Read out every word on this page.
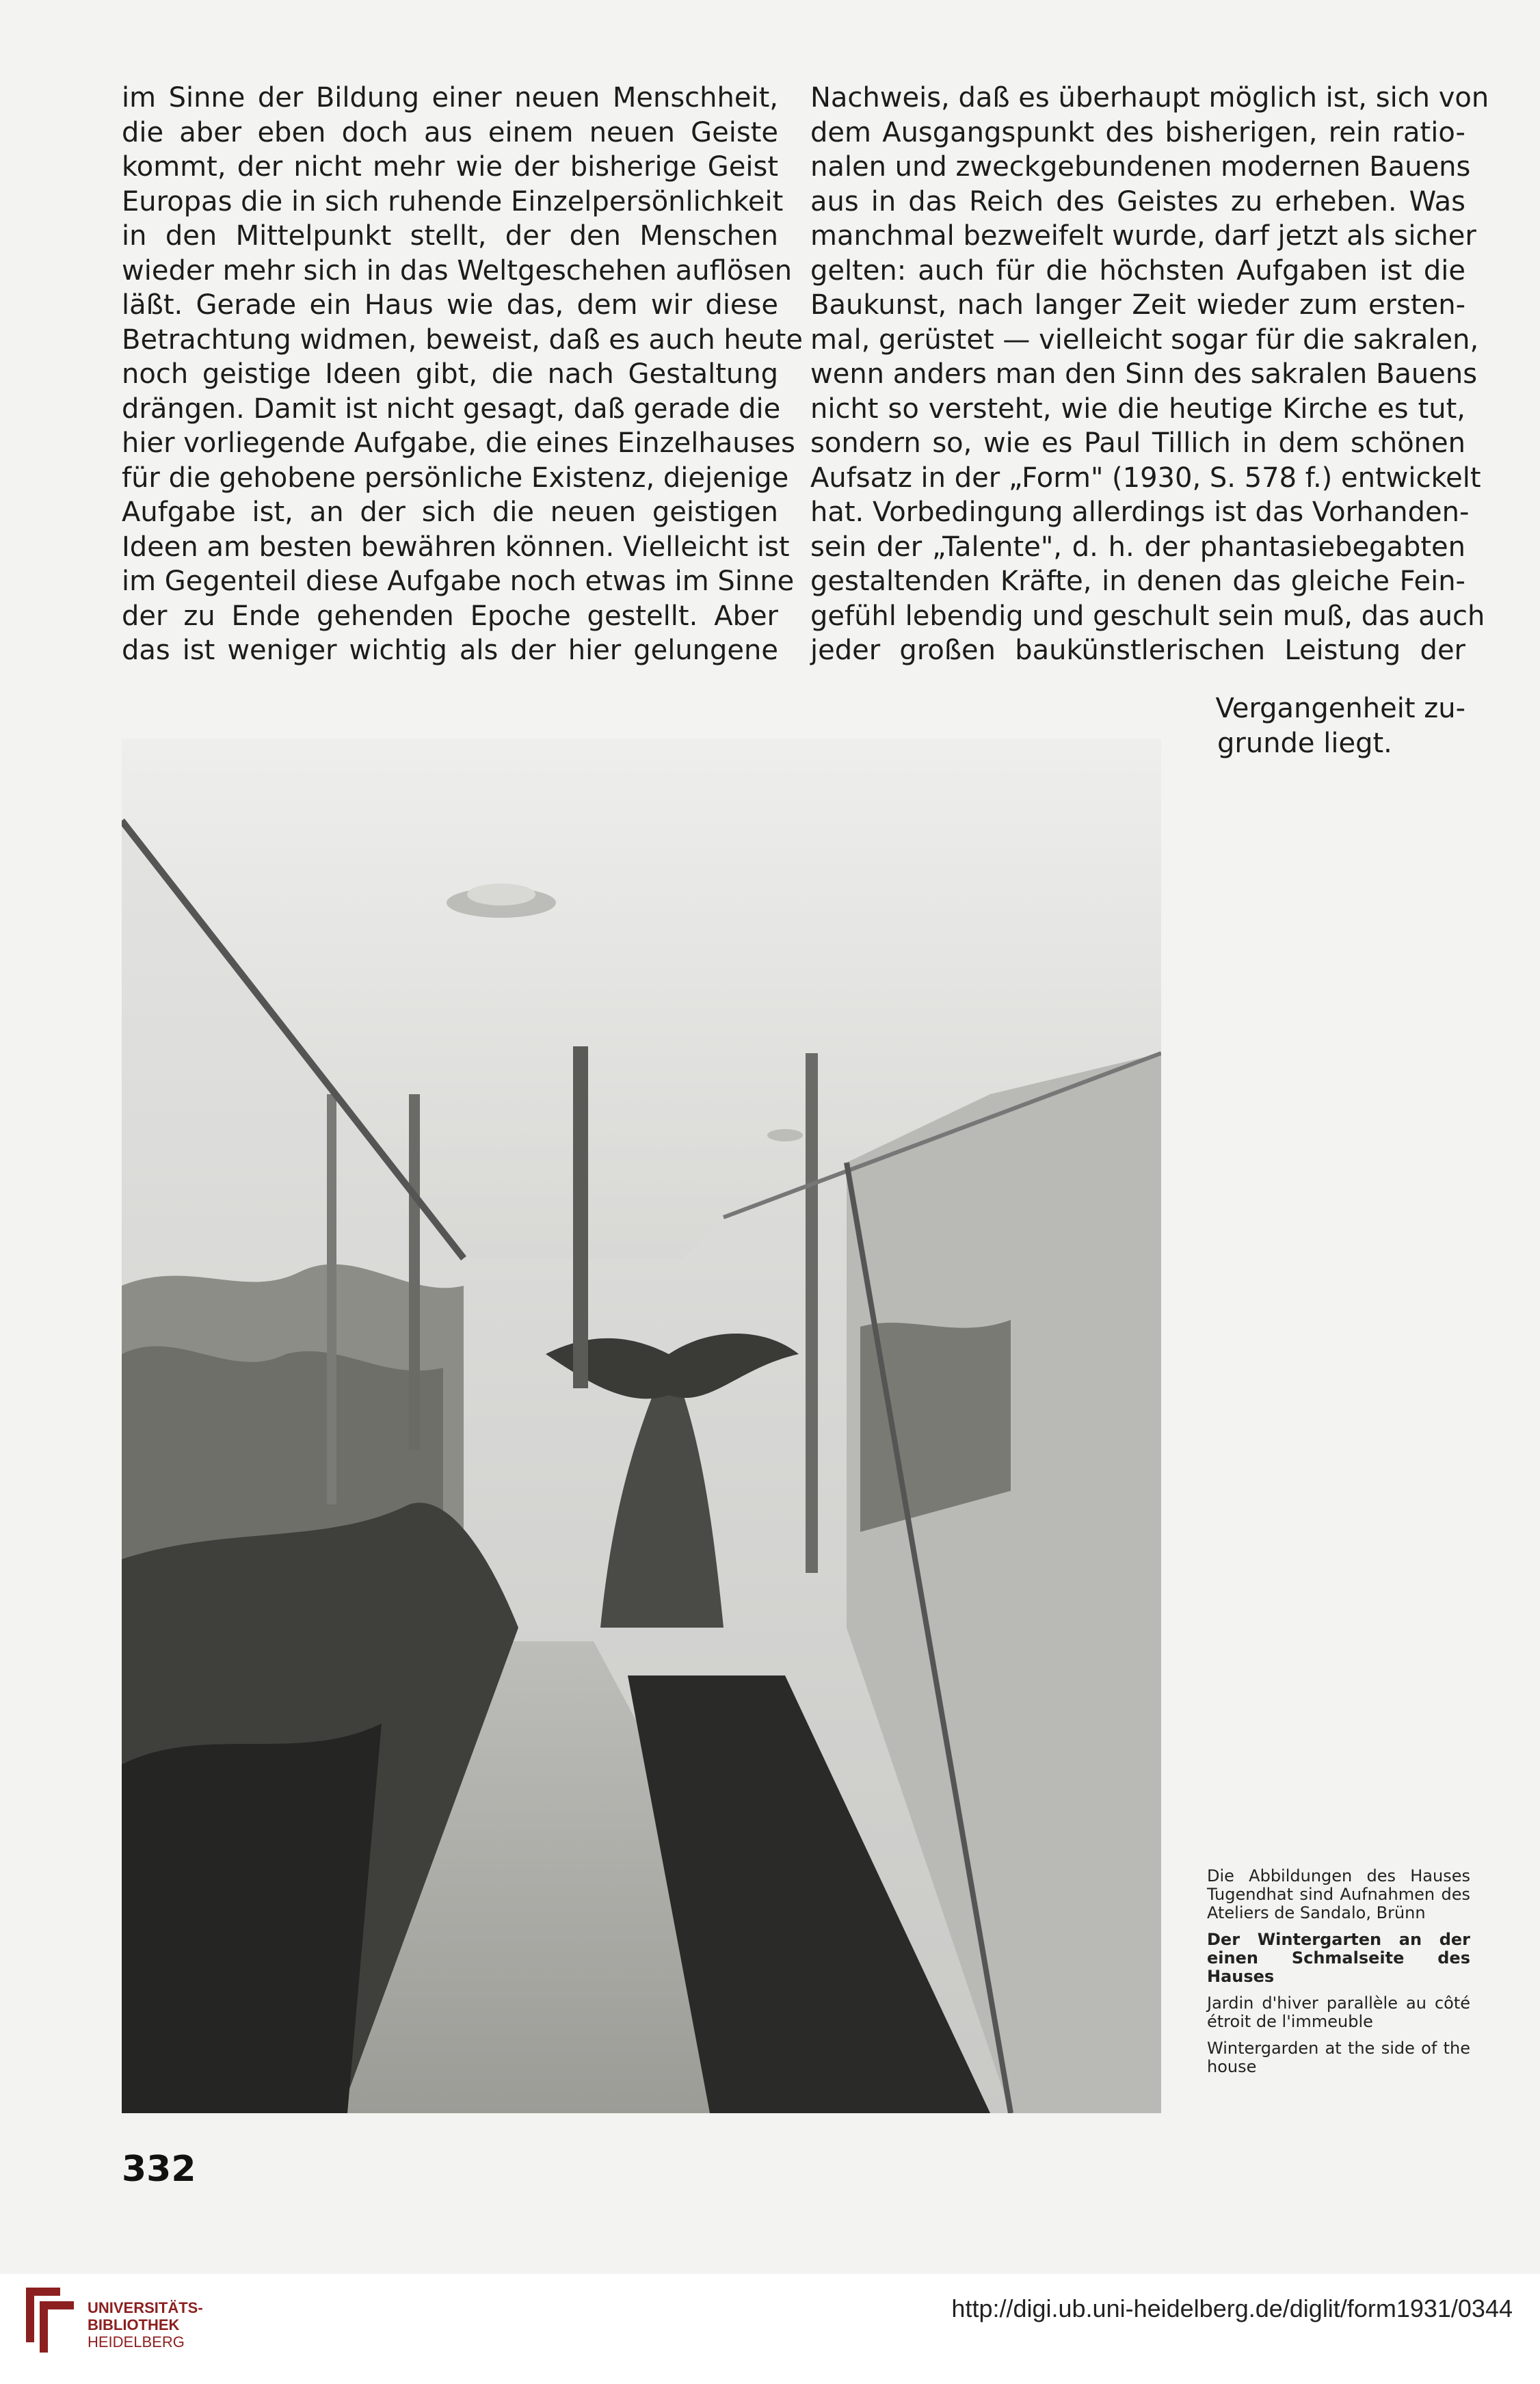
im Sinne der Bildung einer neuen Menschheit,
die aber eben doch aus einem neuen Geiste
kommt, der nicht mehr wie der bisherige Geist
Europas die in sich ruhende Einzelpersönlichkeit
in den Mittelpunkt stellt, der den Menschen
wieder mehr sich in das Weltgeschehen auflösen
läßt. Gerade ein Haus wie das, dem wir diese
Betrachtung widmen, beweist, daß es auch heute
noch geistige Ideen gibt, die nach Gestaltung
drängen. Damit ist nicht gesagt, daß gerade die
hier vorliegende Aufgabe, die eines Einzelhauses
für die gehobene persönliche Existenz, diejenige
Aufgabe ist, an der sich die neuen geistigen
Ideen am besten bewähren können. Vielleicht ist
im Gegenteil diese Aufgabe noch etwas im Sinne
der zu Ende gehenden Epoche gestellt. Aber
das ist weniger wichtig als der hier gelungene
Nachweis, daß es überhaupt möglich ist, sich von
dem Ausgangspunkt des bisherigen, rein ratio-
nalen und zweckgebundenen modernen Bauens
aus in das Reich des Geistes zu erheben. Was
manchmal bezweifelt wurde, darf jetzt als sicher
gelten: auch für die höchsten Aufgaben ist die
Baukunst, nach langer Zeit wieder zum ersten-
mal, gerüstet — vielleicht sogar für die sakralen,
wenn anders man den Sinn des sakralen Bauens
nicht so versteht, wie die heutige Kirche es tut,
sondern so, wie es Paul Tillich in dem schönen
Aufsatz in der „Form" (1930, S. 578 f.) entwickelt
hat. Vorbedingung allerdings ist das Vorhanden-
sein der „Talente", d. h. der phantasiebegabten
gestaltenden Kräfte, in denen das gleiche Fein-
gefühl lebendig und geschult sein muß, das auch
jeder großen baukünstlerischen Leistung der
Vergangenheit zu-
grunde liegt.

Die Abbildungen des Hauses Tugendhat sind Aufnahmen des Ateliers de Sandalo, Brünn

Der Wintergarten an der einen Schmalseite des Hauses

Jardin d'hiver parallèle au côté étroit de l'immeuble

Wintergarden at the side of the house

332
UNIVERSITÄTS-
BIBLIOTHEK
HEIDELBERG
http://digi.ub.uni-heidelberg.de/diglit/form1931/0344
